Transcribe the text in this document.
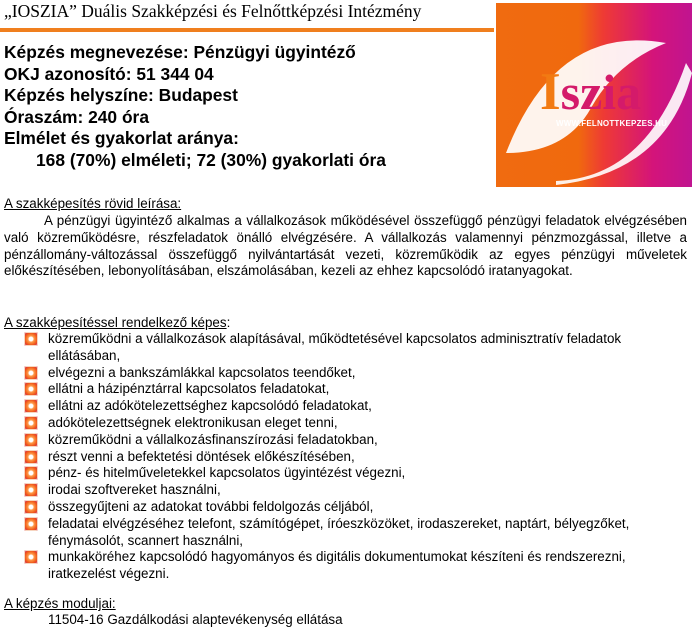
„IOSZIA” Duális Szakképzési és Felnőttképzési Intézmény
Iszia
WWW.FELNOTTKEPZES.HU
Képzés megnevezése: Pénzügyi ügyintéző
OKJ azonosító: 51 344 04
Képzés helyszíne: Budapest
Óraszám: 240 óra
Elmélet és gyakorlat aránya:
168 (70%) elméleti; 72 (30%) gyakorlati óra
A szakképesítés rövid leírása:
A pénzügyi ügyintéző alkalmas a vállalkozások működésével összefüggő pénzügyi feladatok elvégzésében való közreműködésre, részfeladatok önálló elvégzésére. A vállalkozás valamennyi pénzmozgással, illetve a pénzállomány-változással összefüggő nyilvántartását vezeti, közreműködik az egyes pénzügyi műveletek előkészítésében, lebonyolításában, elszámolásában, kezeli az ehhez kapcsolódó iratanyagokat.
A szakképesítéssel rendelkező képes:
közreműködni a vállalkozások alapításával, működtetésével kapcsolatos adminisztratív feladatok ellátásában,
elvégezni a bankszámlákkal kapcsolatos teendőket,
ellátni a házipénztárral kapcsolatos feladatokat,
ellátni az adókötelezettséghez kapcsolódó feladatokat,
adókötelezettségnek elektronikusan eleget tenni,
közreműködni a vállalkozásfinanszírozási feladatokban,
részt venni a befektetési döntések előkészítésében,
pénz- és hitelműveletekkel kapcsolatos ügyintézést végezni,
irodai szoftvereket használni,
összegyűjteni az adatokat további feldolgozás céljából,
feladatai elvégzéséhez telefont, számítógépet, íróeszközöket, irodaszereket, naptárt, bélyegzőket, fénymásolót, scannert használni,
munkaköréhez kapcsolódó hagyományos és digitális dokumentumokat készíteni és rendszerezni, iratkezelést végezni.
A képzés moduljai:
11504-16 Gazdálkodási alaptevékenység ellátása
